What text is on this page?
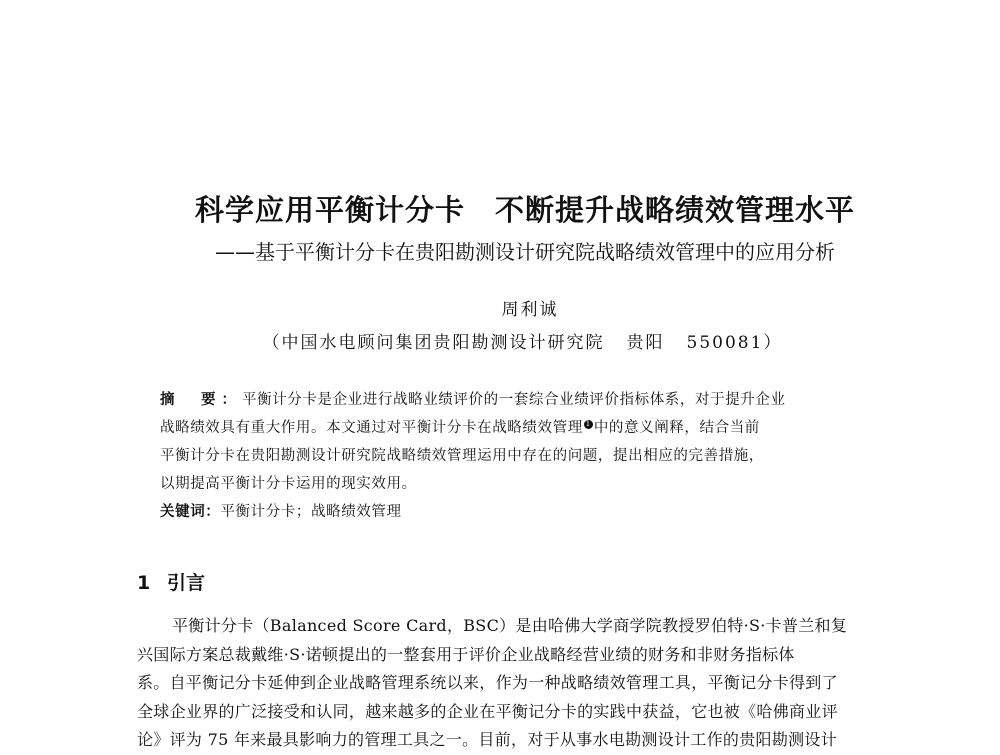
科学应用平衡计分卡 不断提升战略绩效管理水平
——基于平衡计分卡在贵阳勘测设计研究院战略绩效管理中的应用分析
周利诚
（中国水电顾问集团贵阳勘测设计研究院 贵阳 550081）
摘　要：平衡计分卡是企业进行战略业绩评价的一套综合业绩评价指标体系，对于提升企业
战略绩效具有重大作用。本文通过对平衡计分卡在战略绩效管理 1 中的意义阐释，结合当前
平衡计分卡在贵阳勘测设计研究院战略绩效管理运用中存在的问题，提出相应的完善措施，
以期提高平衡计分卡运用的现实效用。
关键词：平衡计分卡；战略绩效管理
1 引言
平衡计分卡（Balanced Score Card，BSC）是由哈佛大学商学院教授罗伯特·S·卡普兰和复
兴国际方案总裁戴维·S·诺顿提出的一整套用于评价企业战略经营业绩的财务和非财务指标体
系。自平衡记分卡延伸到企业战略管理系统以来，作为一种战略绩效管理工具，平衡记分卡得到了
全球企业界的广泛接受和认同，越来越多的企业在平衡记分卡的实践中获益，它也被《哈佛商业评
论》评为 75 年来最具影响力的管理工具之一。目前，对于从事水电勘测设计工作的贵阳勘测设计
